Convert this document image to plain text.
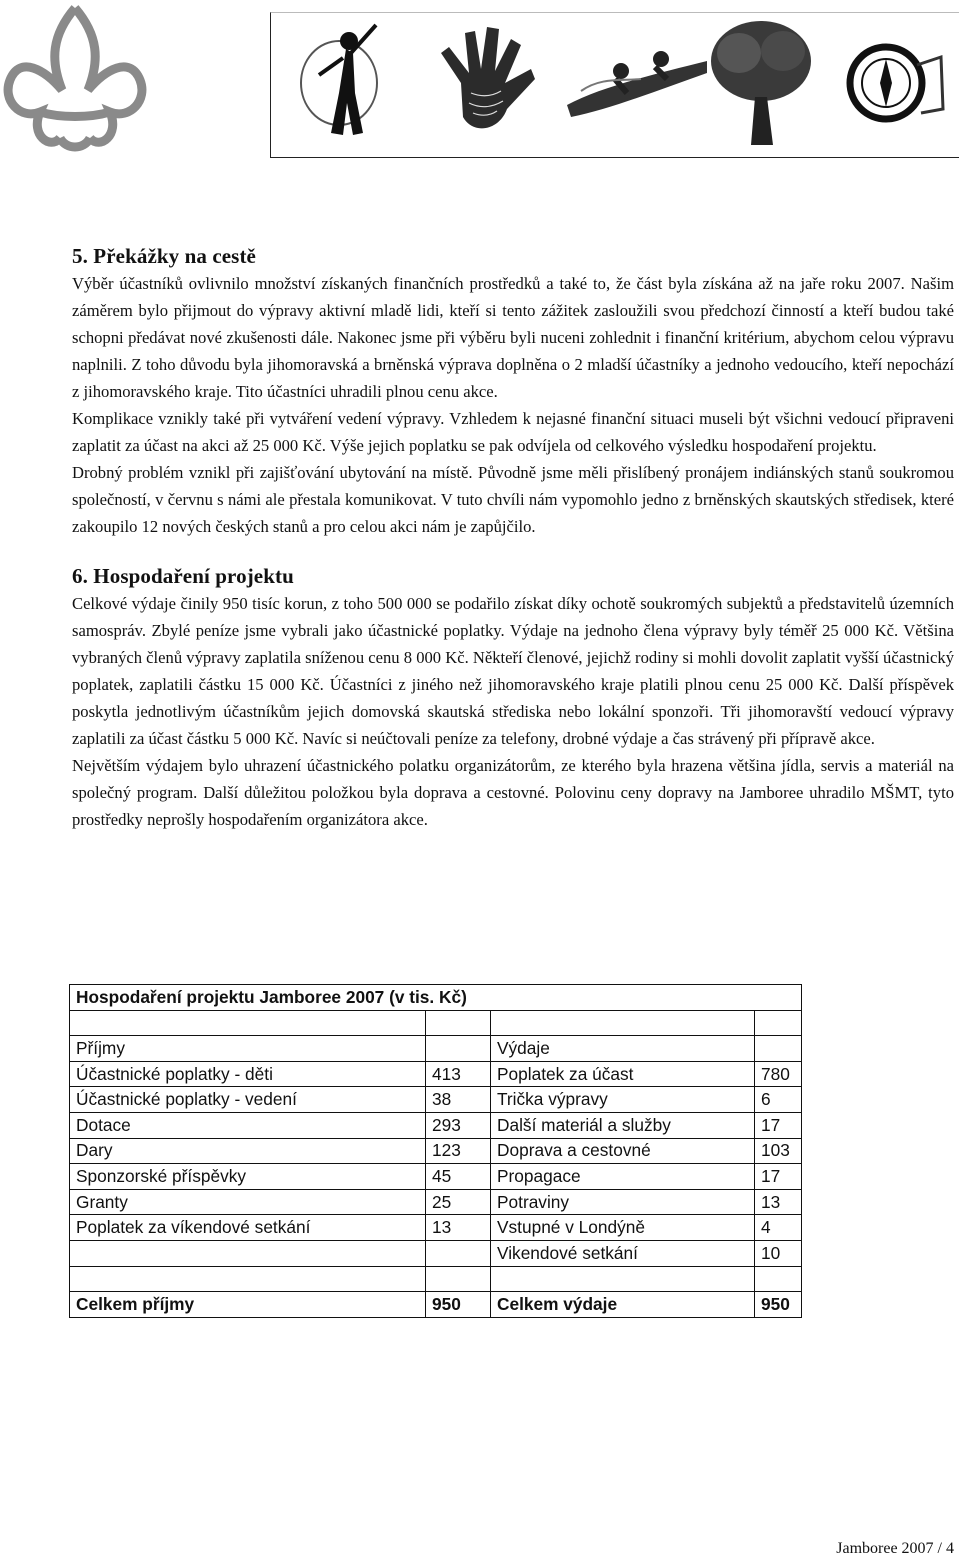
5. Překážky na cestě

Výběr účastníků ovlivnilo množství získaných finančních prostředků a také to, že část byla získána až na jaře roku 2007. Našim záměrem bylo přijmout do výpravy aktivní mladě lidi, kteří si tento zážitek zasloužili svou předchozí činností a kteří budou také schopni předávat nové zkušenosti dále. Nakonec jsme při výběru byli nuceni zohlednit i finanční kritérium, abychom celou výpravu naplnili. Z toho důvodu byla jihomoravská a brněnská výprava doplněna o 2 mladší účastníky a jednoho vedoucího, kteří nepochází z jihomoravského kraje. Tito účastníci uhradili plnou cenu akce.

Komplikace vznikly také při vytváření vedení výpravy. Vzhledem k nejasné finanční situaci museli být všichni vedoucí připraveni zaplatit za účast na akci až 25 000 Kč. Výše jejich poplatku se pak odvíjela od celkového výsledku hospodaření projektu.

Drobný problém vznikl při zajišťování ubytování na místě. Původně jsme měli přislíbený pronájem indiánských stanů soukromou společností, v červnu s námi ale přestala komunikovat. V tuto chvíli nám vypomohlo jedno z brněnských skautských středisek, které zakoupilo 12 nových českých stanů a pro celou akci nám je zapůjčilo.

6. Hospodaření projektu

Celkové výdaje činily 950 tisíc korun, z toho 500 000 se podařilo získat díky ochotě soukromých subjektů a představitelů územních samospráv. Zbylé peníze jsme vybrali jako účastnické poplatky. Výdaje na jednoho člena výpravy byly téměř 25 000 Kč. Většina vybraných členů výpravy zaplatila sníženou cenu 8 000 Kč. Někteří členové, jejichž rodiny si mohli dovolit zaplatit vyšší účastnický poplatek, zaplatili částku 15 000 Kč. Účastníci z jiného než jihomoravského kraje platili plnou cenu 25 000 Kč. Další příspěvek poskytla jednotlivým účastníkům jejich domovská skautská střediska nebo lokální sponzoři. Tři jihomoravští vedoucí výpravy zaplatili za účast částku 5 000 Kč. Navíc si neúčtovali peníze za telefony, drobné výdaje a čas strávený při přípravě akce.

Největším výdajem bylo uhrazení účastnického polatku organizátorům, ze kterého byla hrazena většina jídla, servis a materiál na společný program. Další důležitou položkou byla doprava a cestovné. Polovinu ceny dopravy na Jamboree uhradilo MŠMT, tyto prostředky neprošly hospodařením organizátora akce.

Hospodaření projektu Jamboree 2007 (v tis. Kč)			

Příjmy		Výdaje	
Účastnické poplatky - děti	413	Poplatek za účast	780
Účastnické poplatky - vedení	38	Trička výpravy	6
Dotace	293	Další materiál a služby	17
Dary	123	Doprava a cestovné	103
Sponzorské příspěvky	45	Propagace	17
Granty	25	Potraviny	13
Poplatek za víkendové setkání	13	Vstupné v Londýně	4
		Vikendové setkání	10

Celkem příjmy	950	Celkem výdaje	950
Jamboree 2007 / 4
